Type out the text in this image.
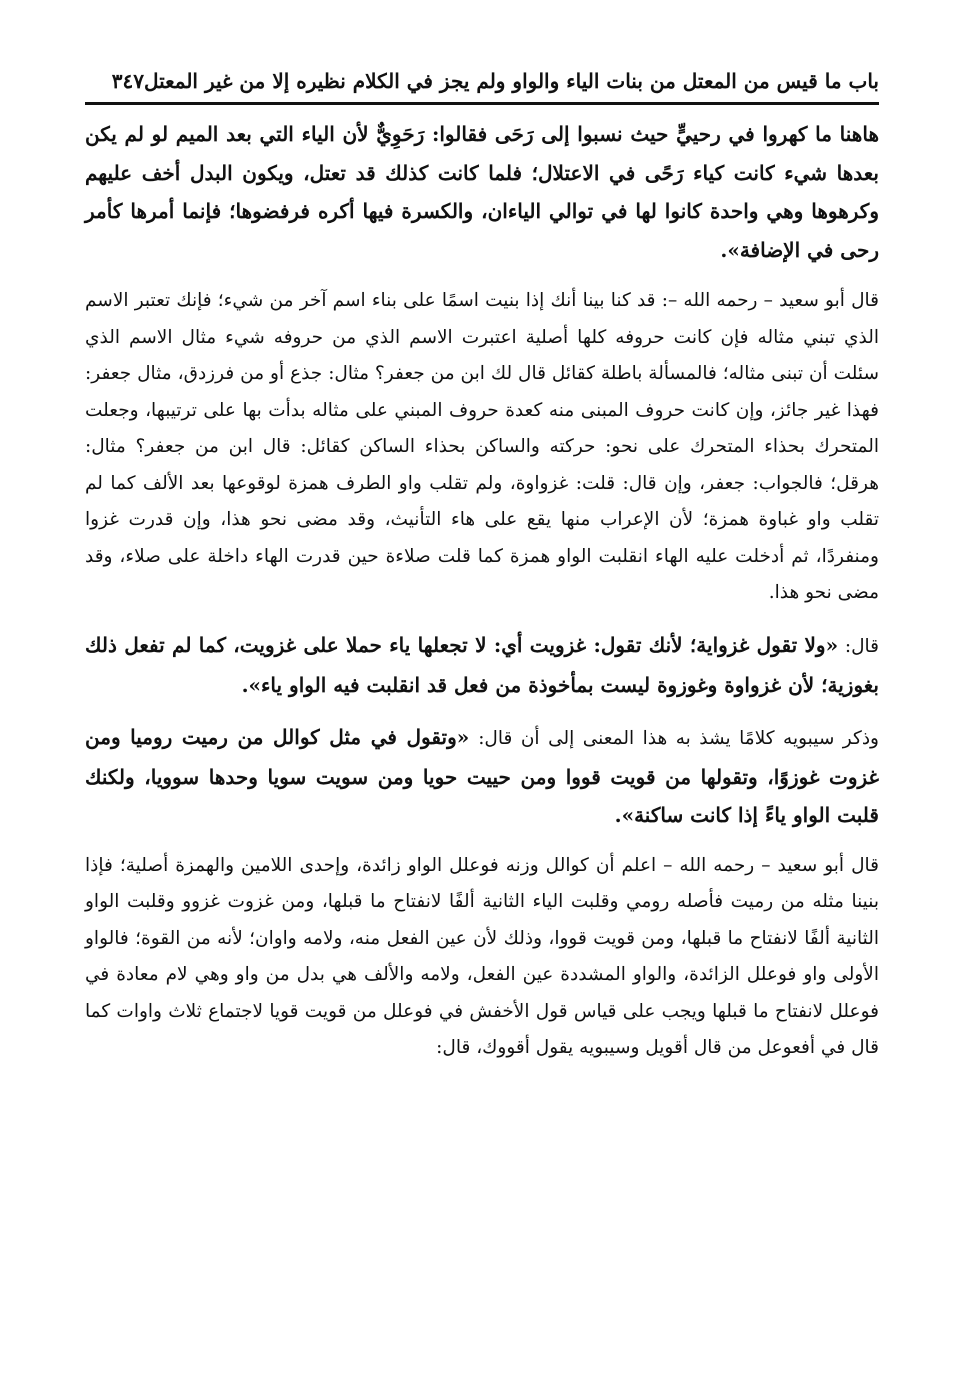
باب ما قيس من المعتل من بنات الياء والواو ولم يجز في الكلام نظيره إلا من غير المعتل
٣٤٧

هاهنا ما كهروا في رحييٍّ حيث نسبوا إلى رَحَى فقالوا: رَحَوِيٌّ لأن الياء التي بعد الميم لو لم يكن بعدها شيء كانت كياء رَحًى في الاعتلال؛ فلما كانت كذلك قد تعتل، ويكون البدل أخف عليهم وكرهوها وهي واحدة كانوا لها في توالي الياءان، والكسرة فيها أكره فرفضوها؛ فإنما أمرها كأمر رحى في الإضافة».

قال أبو سعيد – رحمه الله –: قد كنا بينا أنك إذا بنيت اسمًا على بناء اسم آخر من شيء؛ فإنك تعتبر الاسم الذي تبني مثاله فإن كانت حروفه كلها أصلية اعتبرت الاسم الذي من حروفه شيء مثال الاسم الذي سئلت أن تبنى مثاله؛ فالمسألة باطلة كقائل قال لك ابن من جعفر؟ مثال: جذع أو من فرزدق، مثال جعفر: فهذا غير جائز، وإن كانت حروف المبنى منه كعدة حروف المبني على مثاله بدأت بها على ترتيبها، وجعلت المتحرك بحذاء المتحرك على نحو: حركته والساكن بحذاء الساكن كقائل: قال ابن من جعفر؟ مثال: هرقل؛ فالجواب: جعفر، وإن قال: قلت: غزواوة، ولم تقلب واو الطرف همزة لوقوعها بعد الألف كما لم تقلب واو غباوة همزة؛ لأن الإعراب منها يقع على هاء التأنيث، وقد مضى نحو هذا، وإن قدرت غزوا ومنفردًا، ثم أدخلت عليه الهاء انقلبت الواو همزة كما قلت صلاءة حين قدرت الهاء داخلة على صلاء، وقد مضى نحو هذا.

قال: «ولا تقول غزواية؛ لأنك تقول: غزويت أي: لا تجعلها ياء حملا على غزويت، كما لم تفعل ذلك بغوزية؛ لأن غزواوة وغوزوة ليست بمأخوذة من فعل قد انقلبت فيه الواو ياء».

وذكر سيبويه كلامًا يشذ به هذا المعنى إلى أن قال: «وتقول في مثل كوالل من رميت روميا ومن غزوت غوزوًا، وتقولها من قويت قووا ومن حييت حويا ومن سويت سويا وحدها سوويا، ولكنك قلبت الواو ياءً إذا كانت ساكنة».

قال أبو سعيد – رحمه الله – اعلم أن كوالل وزنه فوعلل الواو زائدة، وإحدى اللامين والهمزة أصلية؛ فإذا بنينا مثله من رميت فأصله رومي وقلبت الياء الثانية ألفًا لانفتاح ما قبلها، ومن غزوت غزوو وقلبت الواو الثانية ألفًا لانفتاح ما قبلها، ومن قويت قووا، وذلك لأن عين الفعل منه، ولامه واوان؛ لأنه من القوة؛ فالواو الأولى واو فوعلل الزائدة، والواو المشددة عين الفعل، ولامه والألف هي بدل من واو وهي لام معادة في فوعلل لانفتاح ما قبلها ويجب على قياس قول الأخفش في فوعلل من قويت قويا لاجتماع ثلاث واوات كما قال في أفعوعل من قال أقويل وسيبويه يقول أقووك، قال:
